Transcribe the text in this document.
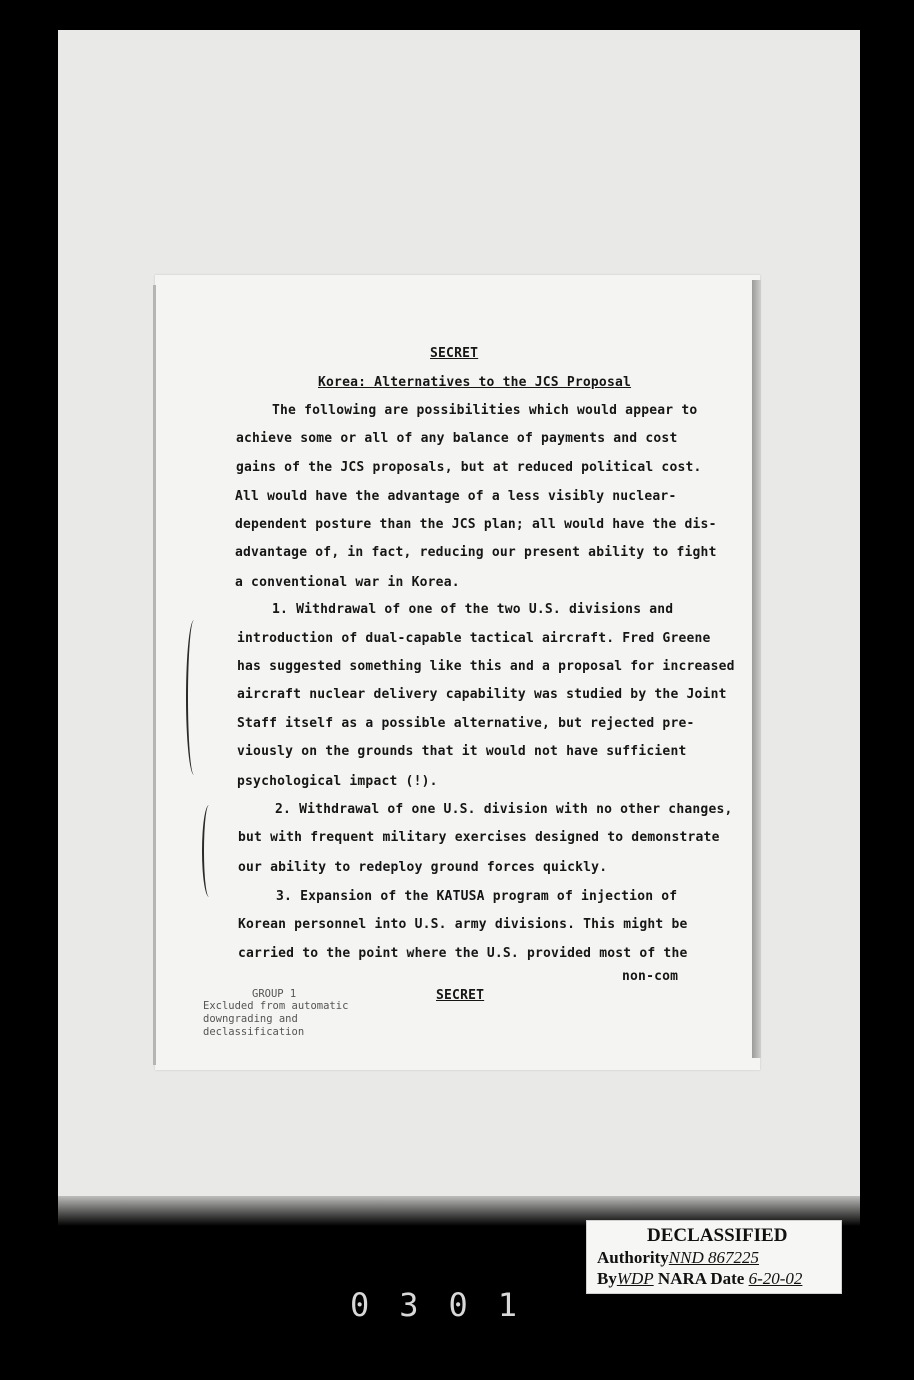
SECRET
Korea: Alternatives to the JCS Proposal
The following are possibilities which would appear to
achieve some or all of any balance of payments and cost
gains of the JCS proposals, but at reduced political cost.
All would have the advantage of a less visibly nuclear-
dependent posture than the JCS plan; all would have the dis-
advantage of, in fact, reducing our present ability to fight
a conventional war in Korea.
1. Withdrawal of one of the two U.S. divisions and
introduction of dual-capable tactical aircraft. Fred Greene
has suggested something like this and a proposal for increased
aircraft nuclear delivery capability was studied by the Joint
Staff itself as a possible alternative, but rejected pre-
viously on the grounds that it would not have sufficient
psychological impact (!).
2. Withdrawal of one U.S. division with no other changes,
but with frequent military exercises designed to demonstrate
our ability to redeploy ground forces quickly.
3. Expansion of the KATUSA program of injection of
Korean personnel into U.S. army divisions. This might be
carried to the point where the U.S. provided most of the
non-com
GROUP 1
Excluded from automatic
downgrading and
declassification
SECRET
DECLASSIFIED
AuthorityNND 867225
ByWDP NARA Date 6-20-02
0301
